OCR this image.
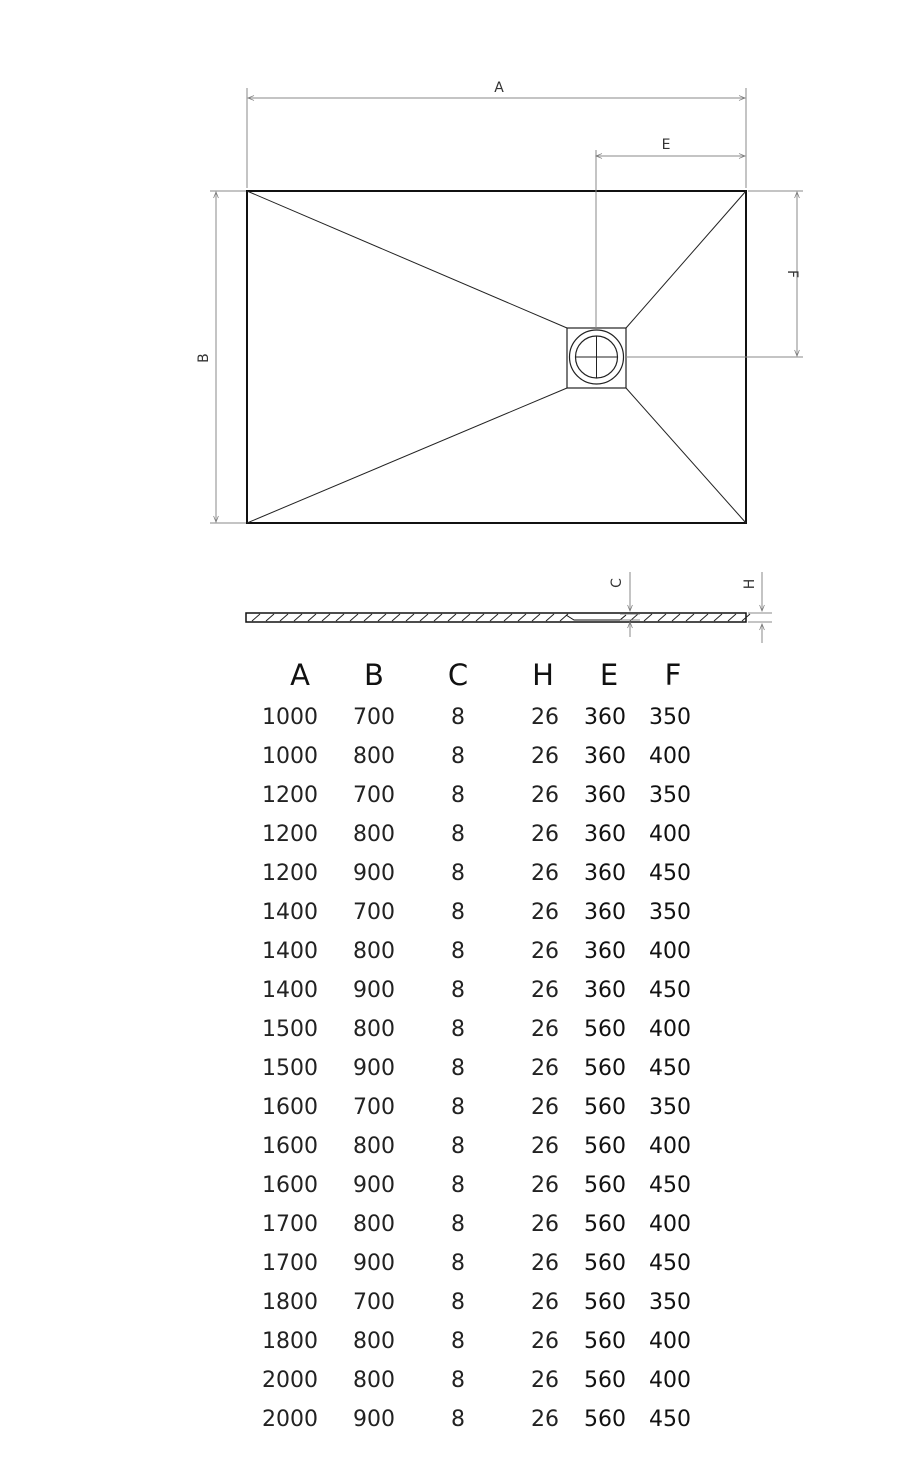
A
E
B
F
C	H
A	B	C	H	E	F
1000	700	8	26	360	350
1000	800	8	26	360	400
1200	700	8	26	360	350
1200	800	8	26	360	400
1200	900	8	26	360	450
1400	700	8	26	360	350
1400	800	8	26	360	400
1400	900	8	26	360	450
1500	800	8	26	560	400
1500	900	8	26	560	450
1600	700	8	26	560	350
1600	800	8	26	560	400
1600	900	8	26	560	450
1700	800	8	26	560	400
1700	900	8	26	560	450
1800	700	8	26	560	350
1800	800	8	26	560	400
2000	800	8	26	560	400
2000	900	8	26	560	450
